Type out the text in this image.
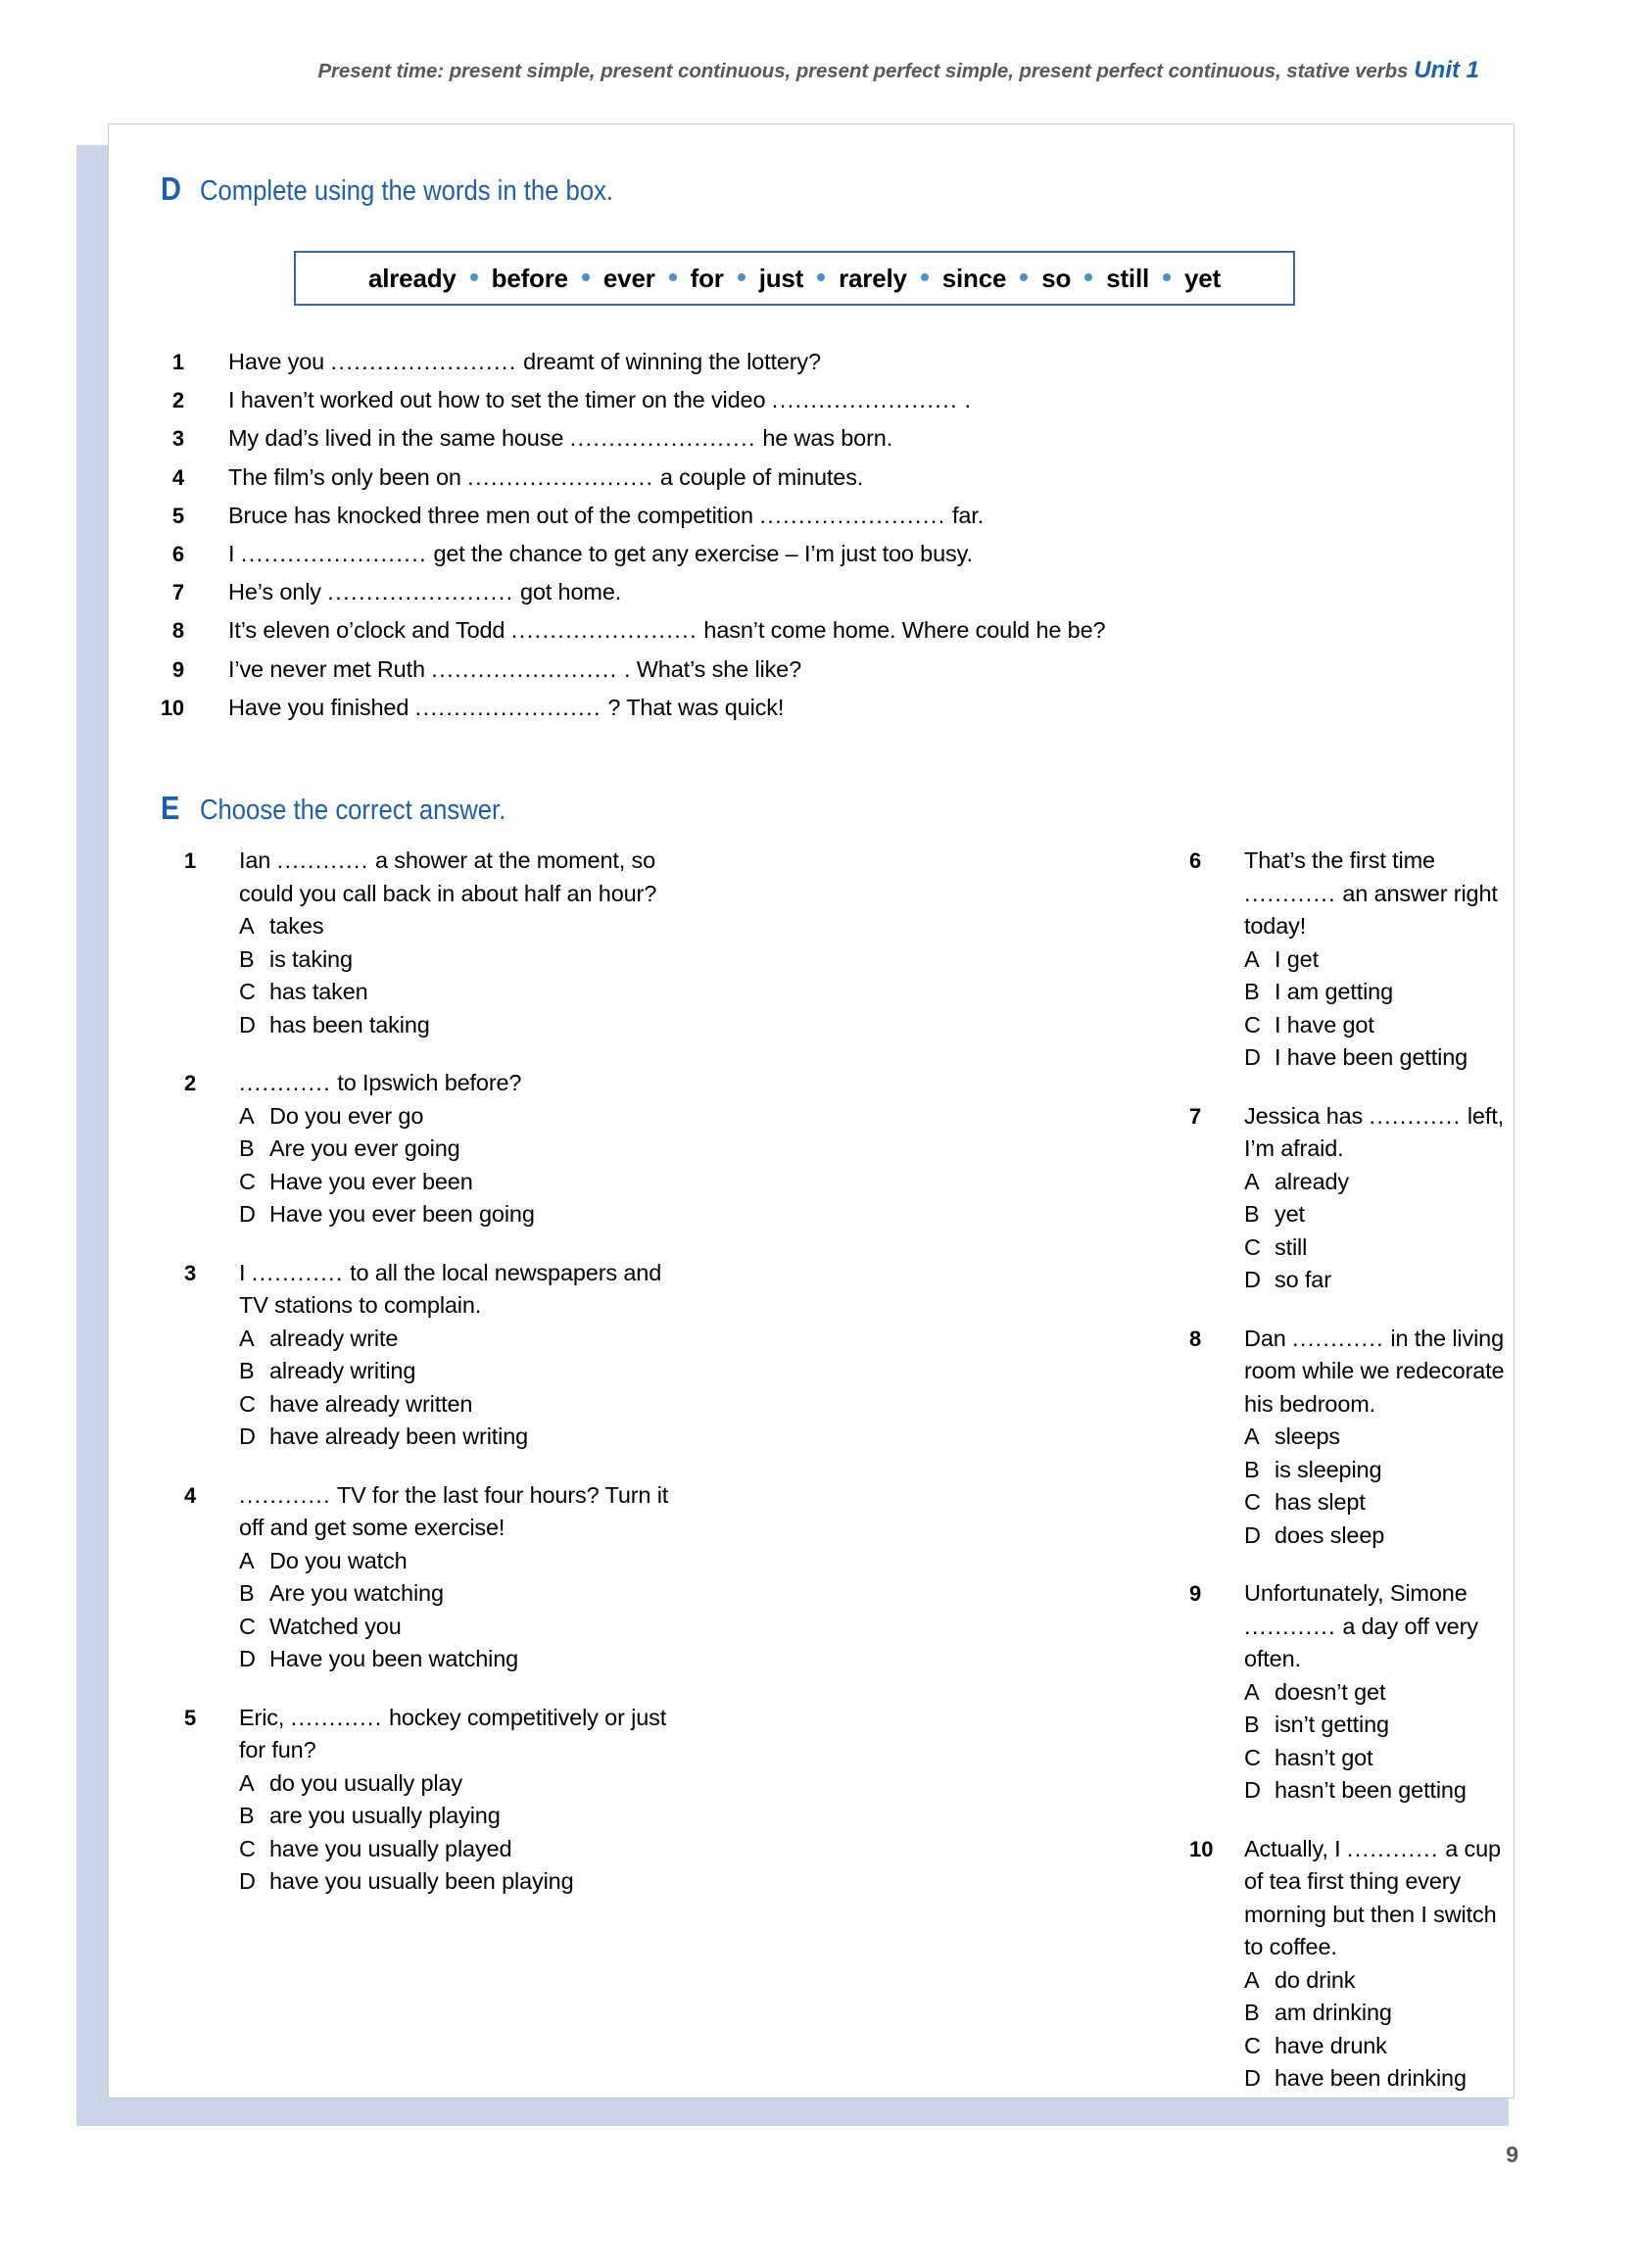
Present time: present simple, present continuous, present perfect simple, present perfect continuous, stative verbs Unit 1
D Complete using the words in the box.
already before ever for just rarely since so still yet
1 Have you ........................ dreamt of winning the lottery?
2 I haven’t worked out how to set the timer on the video ........................ .
3 My dad’s lived in the same house ........................ he was born.
4 The film’s only been on ........................ a couple of minutes.
5 Bruce has knocked three men out of the competition ........................ far.
6 I ........................ get the chance to get any exercise – I’m just too busy.
7 He’s only ........................ got home.
8 It’s eleven o’clock and Todd ........................ hasn’t come home. Where could he be?
9 I’ve never met Ruth ........................ . What’s she like?
10 Have you finished ........................ ? That was quick!
E Choose the correct answer.
1	Ian ............ a shower at the moment, so could you call back in about half an hour?
A takes
B is taking
C has taken
D has been taking
2	............ to Ipswich before?
A Do you ever go
B Are you ever going
C Have you ever been
D Have you ever been going
3	I ............ to all the local newspapers and TV stations to complain.
A already write
B already writing
C have already written
D have already been writing
4	............ TV for the last four hours? Turn it off and get some exercise!
A Do you watch
B Are you watching
C Watched you
D Have you been watching
5	Eric, ............ hockey competitively or just for fun?
A do you usually play
B are you usually playing
C have you usually played
D have you usually been playing
6	That’s the first time ............ an answer right today!
A I get
B I am getting
C I have got
D I have been getting
7	Jessica has ............ left, I’m afraid.
A already
B yet
C still
D so far
8	Dan ............ in the living room while we redecorate his bedroom.
A sleeps
B is sleeping
C has slept
D does sleep
9	Unfortunately, Simone ............ a day off very often.
A doesn’t get
B isn’t getting
C hasn’t got
D hasn’t been getting
10	Actually, I ............ a cup of tea first thing every morning but then I switch to coffee.
A do drink
B am drinking
C have drunk
D have been drinking
9
